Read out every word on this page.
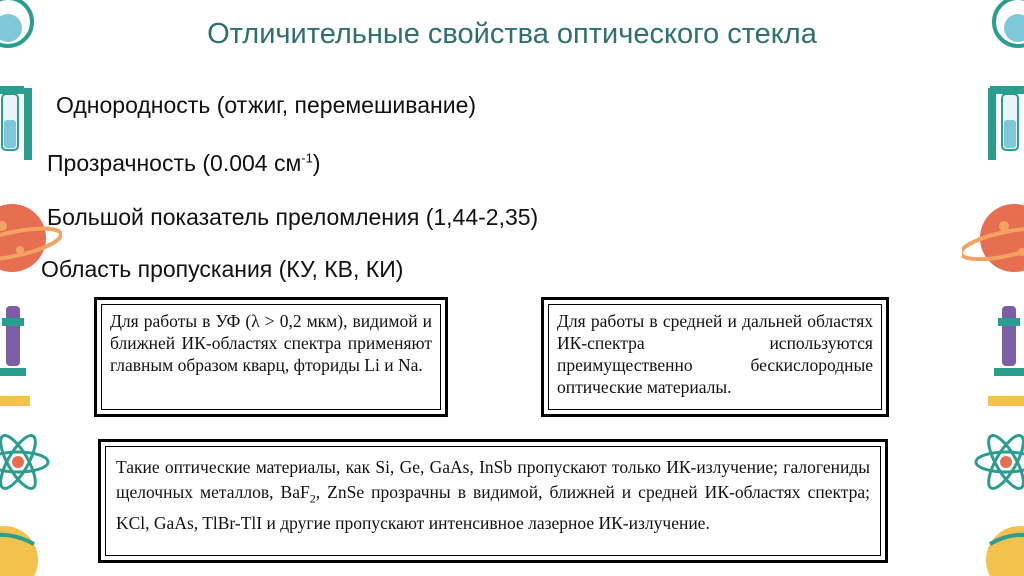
Отличительные свойства оптического стекла
Однородность (отжиг, перемешивание)
Прозрачность (0.004 $см^{-1}$)
Большой показатель преломления (1,44-2,35)
Область пропускания (КУ, КВ, КИ)
Для работы в УФ (λ > 0,2 мкм), видимой и ближней ИК-областях спектра применяют главным образом кварц, фториды Li и Na.
Для работы в средней и дальней областях ИК-спектра используются преимущественно бескислородные оптические материалы.
Такие оптические материалы, как Si, Ge, GaAs, InSb пропускают только ИК-излучение; галогениды щелочных металлов, BaF$_2$, ZnSe прозрачны в видимой, ближней и средней ИК-областях спектра; KCl, GaAs, TlBr-TlI и другие пропускают интенсивное лазерное ИК-излучение.
